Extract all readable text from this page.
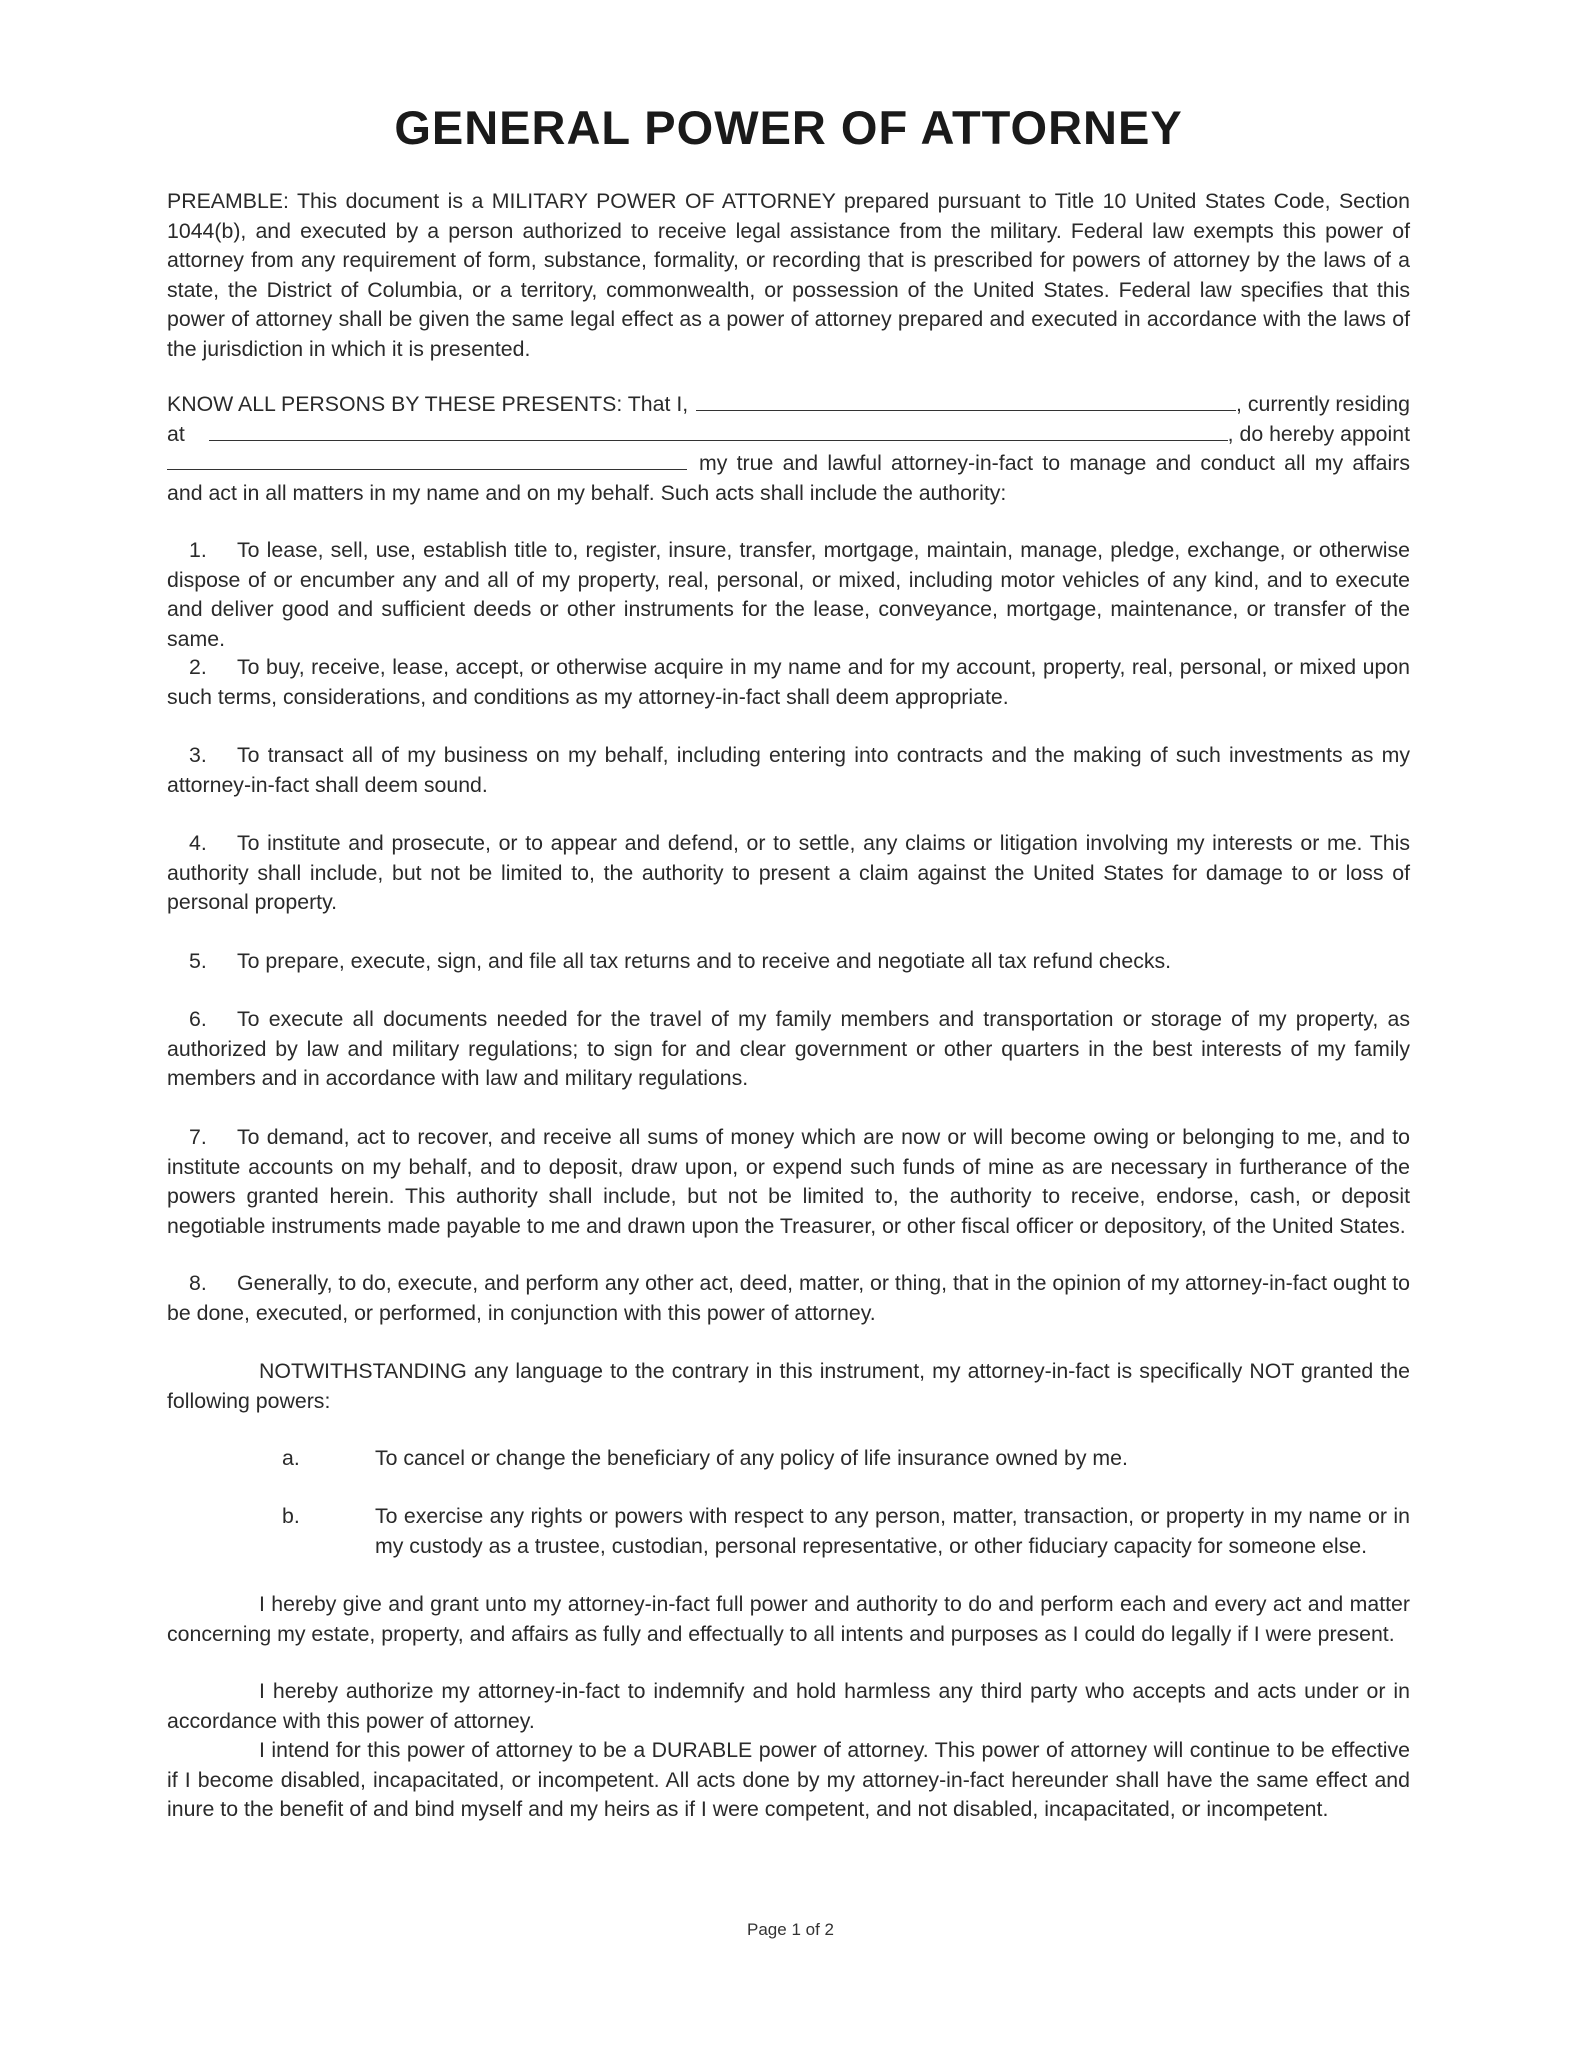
GENERAL POWER OF ATTORNEY

PREAMBLE: This document is a MILITARY POWER OF ATTORNEY prepared pursuant to Title 10 United States Code, Section 1044(b), and executed by a person authorized to receive legal assistance from the military. Federal law exempts this power of attorney from any requirement of form, substance, formality, or recording that is prescribed for powers of attorney by the laws of a state, the District of Columbia, or a territory, commonwealth, or possession of the United States. Federal law specifies that this power of attorney shall be given the same legal effect as a power of attorney prepared and executed in accordance with the laws of the jurisdiction in which it is presented.

KNOW ALL PERSONS BY THESE PRESENTS: That I,	, currently residing
at	, do hereby appoint
my true and lawful attorney-in-fact to manage and conduct all my affairs
and act in all matters in my name and on my behalf. Such acts shall include the authority:

1. To lease, sell, use, establish title to, register, insure, transfer, mortgage, maintain, manage, pledge, exchange, or otherwise dispose of or encumber any and all of my property, real, personal, or mixed, including motor vehicles of any kind, and to execute and deliver good and sufficient deeds or other instruments for the lease, conveyance, mortgage, maintenance, or transfer of the same.

2. To buy, receive, lease, accept, or otherwise acquire in my name and for my account, property, real, personal, or mixed upon such terms, considerations, and conditions as my attorney-in-fact shall deem appropriate.

3. To transact all of my business on my behalf, including entering into contracts and the making of such investments as my attorney-in-fact shall deem sound.

4. To institute and prosecute, or to appear and defend, or to settle, any claims or litigation involving my interests or me. This authority shall include, but not be limited to, the authority to present a claim against the United States for damage to or loss of personal property.

5. To prepare, execute, sign, and file all tax returns and to receive and negotiate all tax refund checks.

6. To execute all documents needed for the travel of my family members and transportation or storage of my property, as authorized by law and military regulations; to sign for and clear government or other quarters in the best interests of my family members and in accordance with law and military regulations.

7. To demand, act to recover, and receive all sums of money which are now or will become owing or belonging to me, and to institute accounts on my behalf, and to deposit, draw upon, or expend such funds of mine as are necessary in furtherance of the powers granted herein. This authority shall include, but not be limited to, the authority to receive, endorse, cash, or deposit negotiable instruments made payable to me and drawn upon the Treasurer, or other fiscal officer or depository, of the United States.

8. Generally, to do, execute, and perform any other act, deed, matter, or thing, that in the opinion of my attorney-in-fact ought to be done, executed, or performed, in conjunction with this power of attorney.

NOTWITHSTANDING any language to the contrary in this instrument, my attorney-in-fact is specifically NOT granted the following powers:

a.	To cancel or change the beneficiary of any policy of life insurance owned by me.
b.	To exercise any rights or powers with respect to any person, matter, transaction, or property in my name or in my custody as a trustee, custodian, personal representative, or other fiduciary capacity for someone else.

I hereby give and grant unto my attorney-in-fact full power and authority to do and perform each and every act and matter concerning my estate, property, and affairs as fully and effectually to all intents and purposes as I could do legally if I were present.

I hereby authorize my attorney-in-fact to indemnify and hold harmless any third party who accepts and acts under or in accordance with this power of attorney.

I intend for this power of attorney to be a DURABLE power of attorney. This power of attorney will continue to be effective if I become disabled, incapacitated, or incompetent. All acts done by my attorney-in-fact hereunder shall have the same effect and inure to the benefit of and bind myself and my heirs as if I were competent, and not disabled, incapacitated, or incompetent.

Page 1 of 2
